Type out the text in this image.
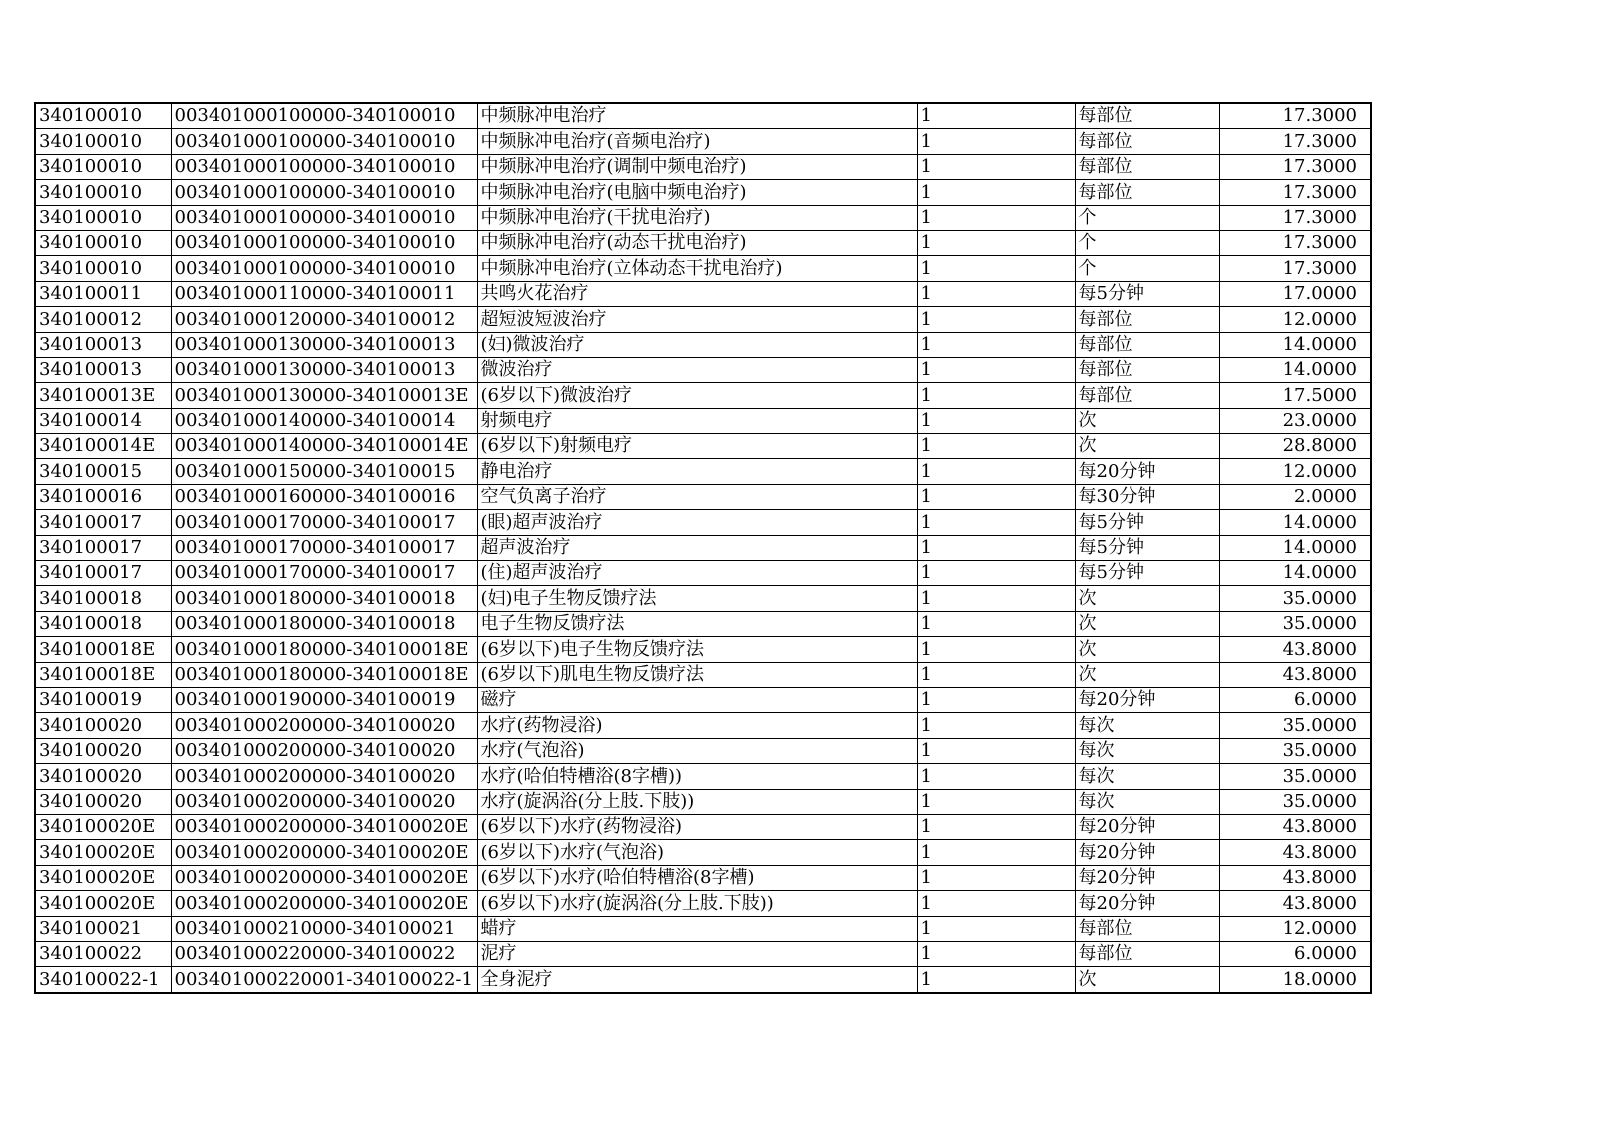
340100010	003401000100000-340100010	中频脉冲电治疗	1	每部位	17.3000
340100010	003401000100000-340100010	中频脉冲电治疗(音频电治疗)	1	每部位	17.3000
340100010	003401000100000-340100010	中频脉冲电治疗(调制中频电治疗)	1	每部位	17.3000
340100010	003401000100000-340100010	中频脉冲电治疗(电脑中频电治疗)	1	每部位	17.3000
340100010	003401000100000-340100010	中频脉冲电治疗(干扰电治疗)	1	个	17.3000
340100010	003401000100000-340100010	中频脉冲电治疗(动态干扰电治疗)	1	个	17.3000
340100010	003401000100000-340100010	中频脉冲电治疗(立体动态干扰电治疗)	1	个	17.3000
340100011	003401000110000-340100011	共鸣火花治疗	1	每5分钟	17.0000
340100012	003401000120000-340100012	超短波短波治疗	1	每部位	12.0000
340100013	003401000130000-340100013	(妇)微波治疗	1	每部位	14.0000
340100013	003401000130000-340100013	微波治疗	1	每部位	14.0000
340100013E	003401000130000-340100013E	(6岁以下)微波治疗	1	每部位	17.5000
340100014	003401000140000-340100014	射频电疗	1	次	23.0000
340100014E	003401000140000-340100014E	(6岁以下)射频电疗	1	次	28.8000
340100015	003401000150000-340100015	静电治疗	1	每20分钟	12.0000
340100016	003401000160000-340100016	空气负离子治疗	1	每30分钟	2.0000
340100017	003401000170000-340100017	(眼)超声波治疗	1	每5分钟	14.0000
340100017	003401000170000-340100017	超声波治疗	1	每5分钟	14.0000
340100017	003401000170000-340100017	(住)超声波治疗	1	每5分钟	14.0000
340100018	003401000180000-340100018	(妇)电子生物反馈疗法	1	次	35.0000
340100018	003401000180000-340100018	电子生物反馈疗法	1	次	35.0000
340100018E	003401000180000-340100018E	(6岁以下)电子生物反馈疗法	1	次	43.8000
340100018E	003401000180000-340100018E	(6岁以下)肌电生物反馈疗法	1	次	43.8000
340100019	003401000190000-340100019	磁疗	1	每20分钟	6.0000
340100020	003401000200000-340100020	水疗(药物浸浴)	1	每次	35.0000
340100020	003401000200000-340100020	水疗(气泡浴)	1	每次	35.0000
340100020	003401000200000-340100020	水疗(哈伯特槽浴(8字槽))	1	每次	35.0000
340100020	003401000200000-340100020	水疗(旋涡浴(分上肢.下肢))	1	每次	35.0000
340100020E	003401000200000-340100020E	(6岁以下)水疗(药物浸浴)	1	每20分钟	43.8000
340100020E	003401000200000-340100020E	(6岁以下)水疗(气泡浴)	1	每20分钟	43.8000
340100020E	003401000200000-340100020E	(6岁以下)水疗(哈伯特槽浴(8字槽)	1	每20分钟	43.8000
340100020E	003401000200000-340100020E	(6岁以下)水疗(旋涡浴(分上肢.下肢))	1	每20分钟	43.8000
340100021	003401000210000-340100021	蜡疗	1	每部位	12.0000
340100022	003401000220000-340100022	泥疗	1	每部位	6.0000
340100022-1	003401000220001-340100022-1	全身泥疗	1	次	18.0000
